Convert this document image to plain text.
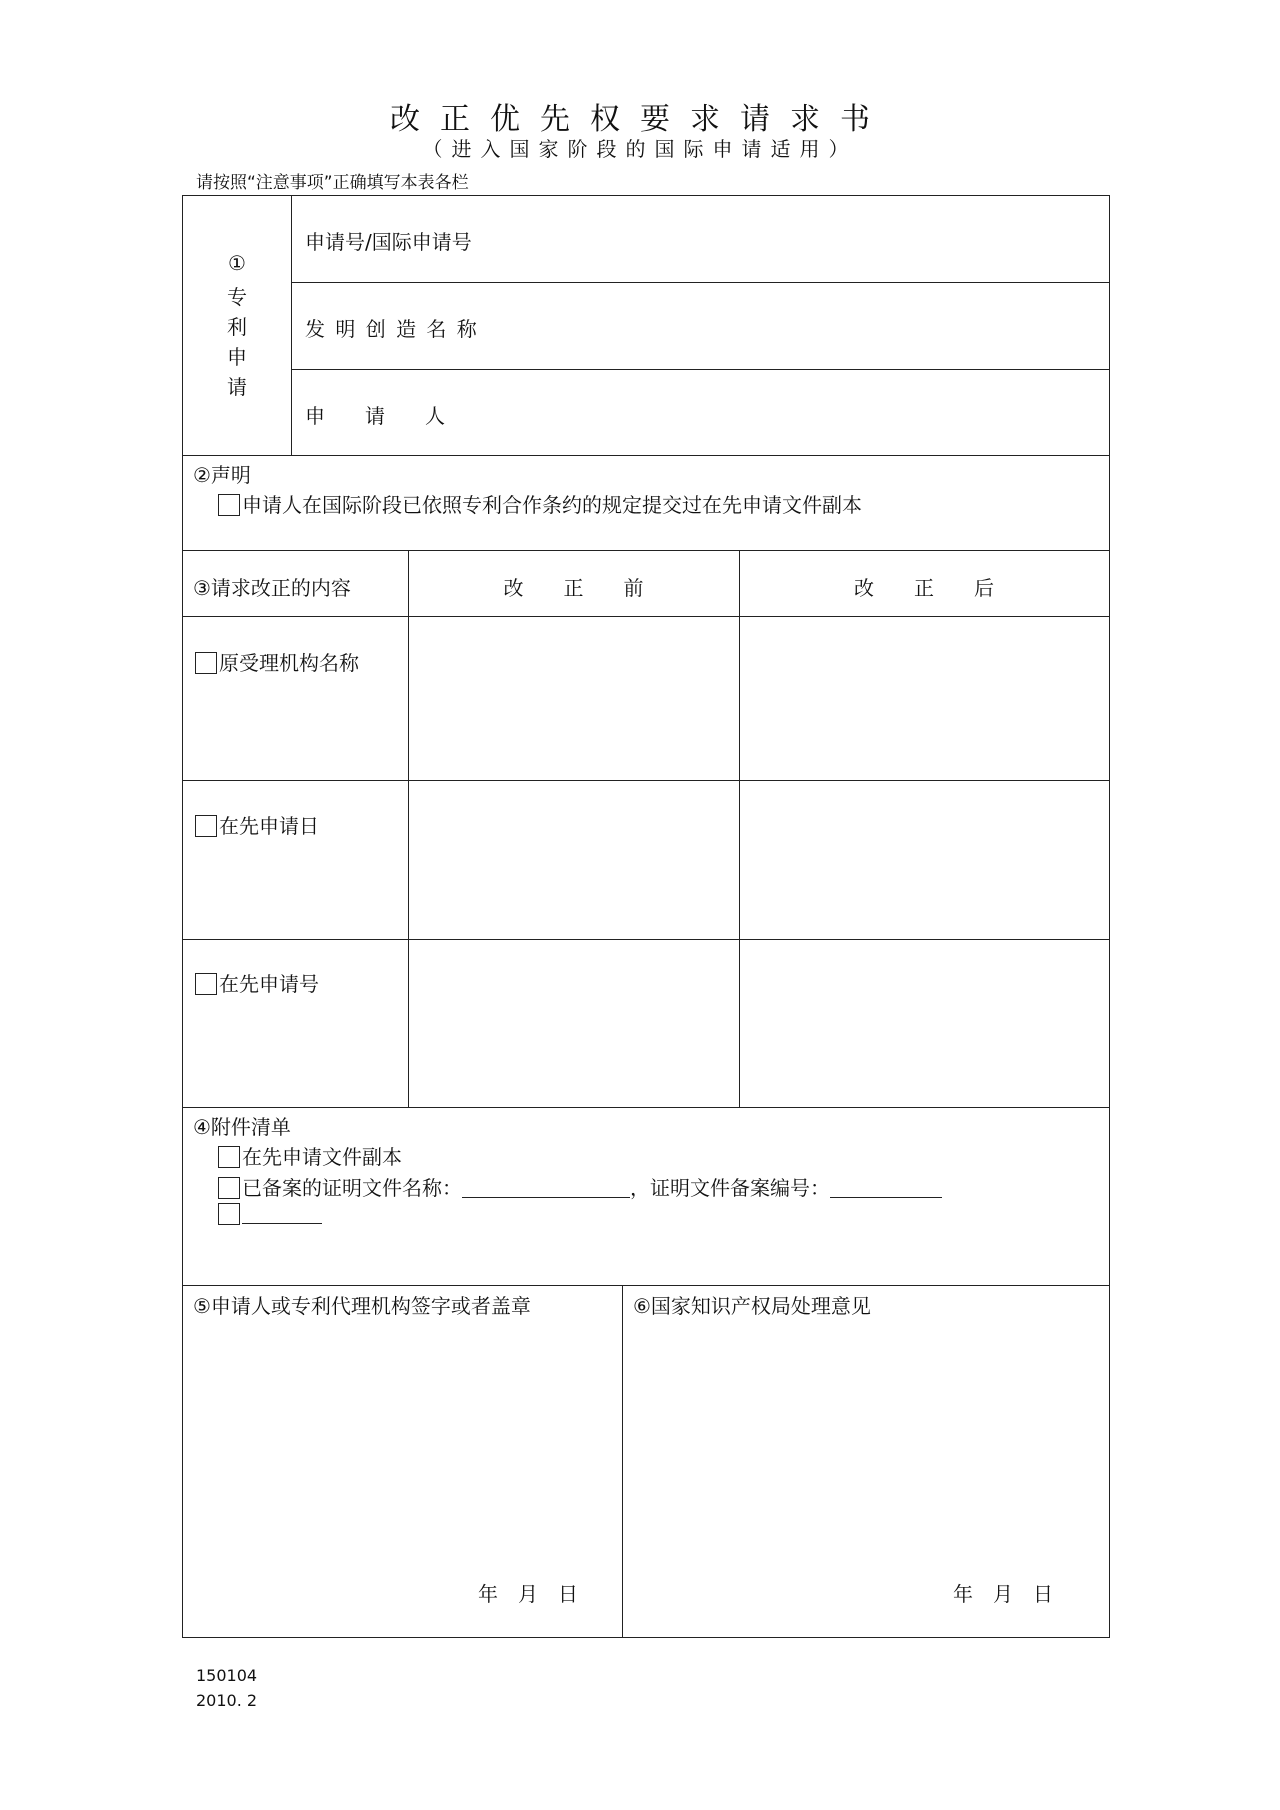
改正优先权要求请求书
（进入国家阶段的国际申请适用）
请按照“注意事项”正确填写本表各栏
①
专
利
申
请
申请号/国际申请号
发 明 创 造 名 称
申　　请　　人
②声明
申请人在国际阶段已依照专利合作条约的规定提交过在先申请文件副本
③请求改正的内容	改　　正　　前	改　　正　　后
原受理机构名称
在先申请日
在先申请号
④附件清单
在先申请文件副本
已备案的证明文件名称：	，证明文件备案编号：
⑤申请人或专利代理机构签字或者盖章
年　月　日
⑥国家知识产权局处理意见
年　月　日
150104
2010. 2
